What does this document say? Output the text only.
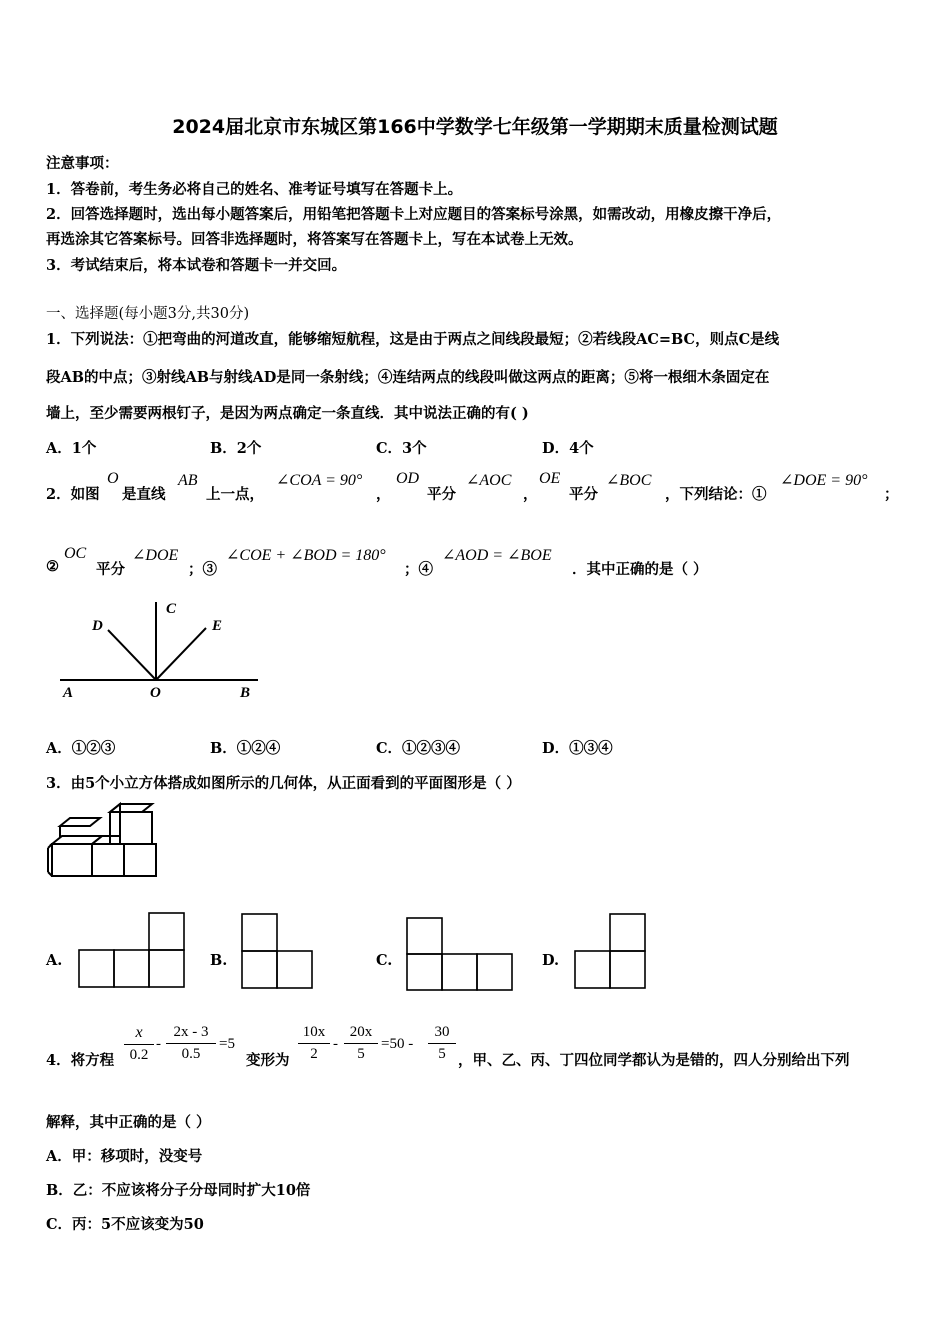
2024届北京市东城区第166中学数学七年级第一学期期末质量检测试题
注意事项：
1．答卷前，考生务必将自己的姓名、准考证号填写在答题卡上。
2．回答选择题时，选出每小题答案后，用铅笔把答题卡上对应题目的答案标号涂黑，如需改动，用橡皮擦干净后，
再选涂其它答案标号。回答非选择题时，将答案写在答题卡上，写在本试卷上无效。
3．考试结束后，将本试卷和答题卡一并交回。
一、选择题(每小题3分,共30分)
1．下列说法：①把弯曲的河道改直，能够缩短航程，这是由于两点之间线段最短；②若线段AC=BC，则点C是线
段AB的中点；③射线AB与射线AD是同一条射线；④连结两点的线段叫做这两点的距离；⑤将一根细木条固定在
墙上，至少需要两根钉子，是因为两点确定一条直线．其中说法正确的有( )
A．1个	B．2个	C．3个	D．4个
2．如图
O
是直线
AB
上一点，
∠COA = 90°
，
OD
平分
∠AOC
，
OE
平分
∠BOC
，下列结论：①
∠DOE = 90°
；
②
OC
平分
∠DOE
；③
∠COE + ∠BOD = 180°
；④
∠AOD = ∠BOE
．其中正确的是（ ）
A	O	B
C
D	E
A．①②③	B．①②④	C．①②③④	D．①③④
3．由5个小立方体搭成如图所示的几何体，从正面看到的平面图形是（ ）
A.	B.	C.	D.
4．将方程
x
0.2
-
2x - 3
0.5
=5
变形为
10x
2
-
20x
5
=50 -
30
5 ，甲、乙、丙、丁四位同学都认为是错的，四人分别给出下列
解释，其中正确的是（ ）
A．甲：移项时，没变号
B．乙：不应该将分子分母同时扩大10倍
C．丙：5不应该变为50
